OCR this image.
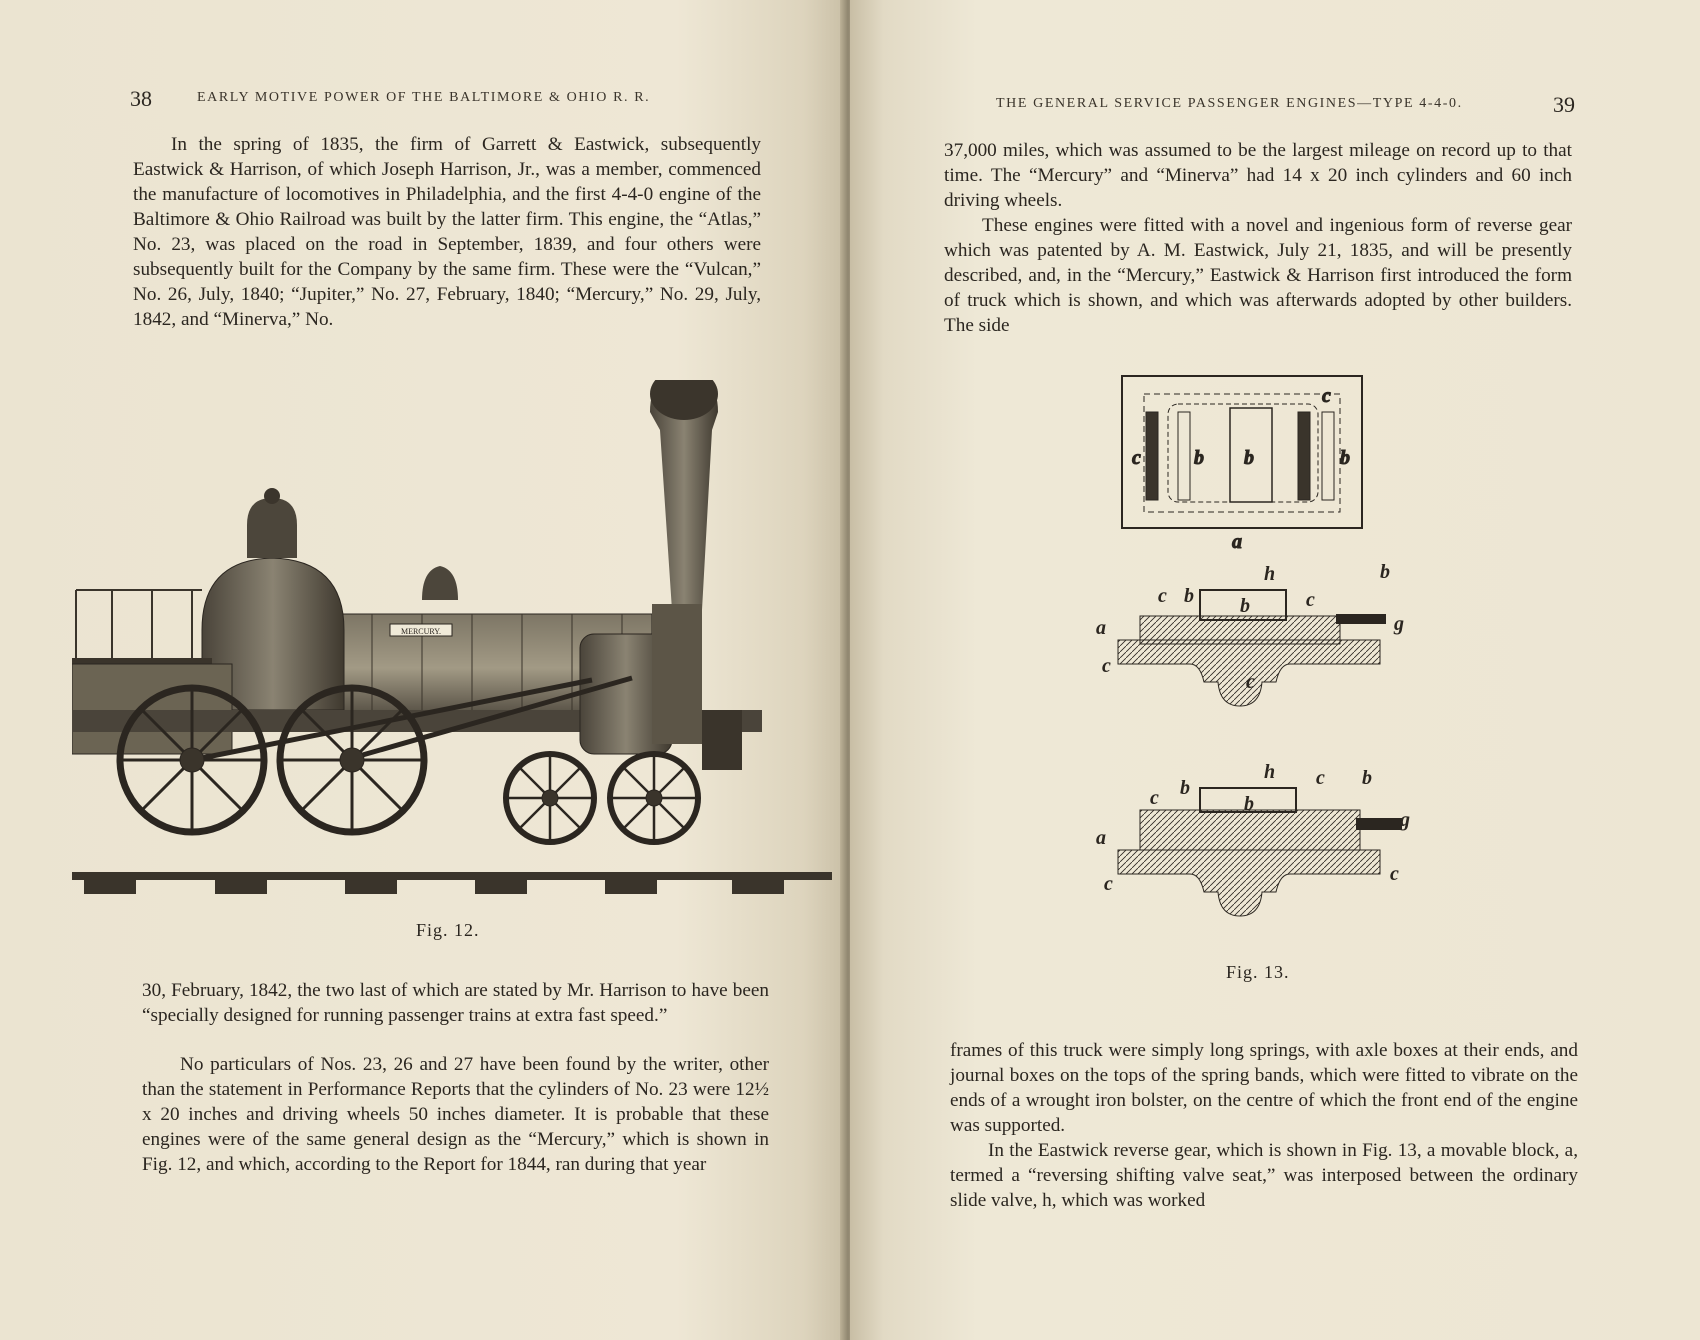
38	EARLY MOTIVE POWER OF THE BALTIMORE & OHIO R. R.

In the spring of 1835, the firm of Garrett & Eastwick, subsequently Eastwick & Harrison, of which Joseph Harrison, Jr., was a member, commenced the manufacture of locomotives in Philadelphia, and the first 4-4-0 engine of the Baltimore & Ohio Railroad was built by the latter firm. This engine, the “Atlas,” No. 23, was placed on the road in September, 1839, and four others were subsequently built for the Company by the same firm. These were the “Vulcan,” No. 26, July, 1840; “Jupiter,” No. 27, February, 1840; “Mercury,” No. 29, July, 1842, and “Minerva,” No.

MERCURY.
Fig. 12.

30, February, 1842, the two last of which are stated by Mr. Harrison to have been “specially designed for running passenger trains at extra fast speed.”

No particulars of Nos. 23, 26 and 27 have been found by the writer, other than the statement in Performance Reports that the cylinders of No. 23 were 12½ x 20 inches and driving wheels 50 inches diameter. It is probable that these engines were of the same general design as the “Mercury,” which is shown in Fig. 12, and which, according to the Report for 1844, ran during that year

THE GENERAL SERVICE PASSENGER ENGINES—TYPE 4-4-0.	39

37,000 miles, which was assumed to be the largest mileage on record up to that time. The “Mercury” and “Minerva” had 14 x 20 inch cylinders and 60 inch driving wheels.

These engines were fitted with a novel and ingenious form of reverse gear which was patented by A. M. Eastwick, July 21, 1835, and will be presently described, and, in the “Mercury,” Eastwick & Harrison first introduced the form of truck which is shown, and which was afterwards adopted by other builders. The side

c	b b
c
b
a
h	b
c b b	c
a	g
c
c
h c b
c b
b
g
a
c	c
Fig. 13.

frames of this truck were simply long springs, with axle boxes at their ends, and journal boxes on the tops of the spring bands, which were fitted to vibrate on the ends of a wrought iron bolster, on the centre of which the front end of the engine was supported.

In the Eastwick reverse gear, which is shown in Fig. 13, a movable block, a, termed a “reversing shifting valve seat,” was interposed between the ordinary slide valve, h, which was worked
